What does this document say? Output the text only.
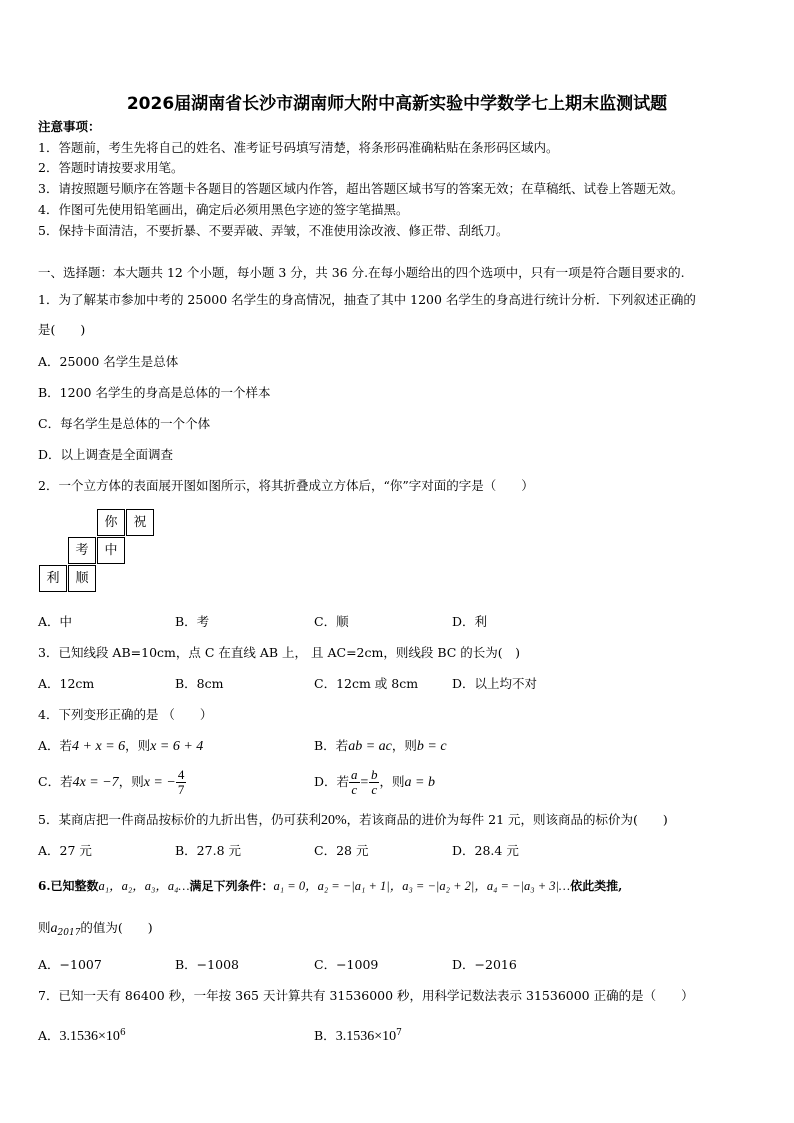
2026届湖南省长沙市湖南师大附中高新实验中学数学七上期末监测试题
注意事项：
1．答题前，考生先将自己的姓名、准考证号码填写清楚，将条形码准确粘贴在条形码区域内。
2．答题时请按要求用笔。
3．请按照题号顺序在答题卡各题目的答题区域内作答，超出答题区域书写的答案无效；在草稿纸、试卷上答题无效。
4．作图可先使用铅笔画出，确定后必须用黑色字迹的签字笔描黑。
5．保持卡面清洁，不要折暴、不要弄破、弄皱，不准使用涂改液、修正带、刮纸刀。
一、选择题：本大题共 12 个小题，每小题 3 分，共 36 分.在每小题给出的四个选项中，只有一项是符合题目要求的.
1．为了解某市参加中考的 25000 名学生的身高情况，抽查了其中 1200 名学生的身高进行统计分析．下列叙述正确的
是(　　)
A．25000 名学生是总体
B．1200 名学生的身高是总体的一个样本
C．每名学生是总体的一个个体
D．以上调查是全面调查
2．一个立方体的表面展开图如图所示，将其折叠成立方体后，“你”字对面的字是（　　）
你	祝
考	中
利	顺
A．中	B．考	C．顺	D．利
3．已知线段 AB=10cm，点 C 在直线 AB 上， 且 AC=2cm，则线段 BC 的长为(　)
A．12cm	B．8cm	C．12cm 或 8cm	D．以上均不对
4．下列变形正确的是 （　　）
A．若4 + x = 6，则x = 6 + 4	B．若ab = ac，则b = c
C．若4x = −7，则x = − $\frac{4}{7}$	D．若 $\frac{a}{c} = \frac{b}{c}$ ，则a = b
5．某商店把一件商品按标价的九折出售，仍可获利20%，若该商品的进价为每件 21 元，则该商品的标价为(　　)
A．27 元	B．27.8 元	C．28 元	D．28.4 元
6.已知整数a₁，a₂，a₃，a₄…满足下列条件：a₁ = 0，a₂ = −|a₁ + 1|，a₃ = −|a₂ + 2|，a₄ = −|a₃ + 3|…依此类推,
则$a_{2017}$的值为(　　)
A．−1007	B．−1008	C．−1009	D．−2016
7．已知一天有 86400 秒，一年按 365 天计算共有 31536000 秒，用科学记数法表示 31536000 正确的是（　　）
A．$3.1536\times 10^6$	B．$3.1536\times 10^7$
